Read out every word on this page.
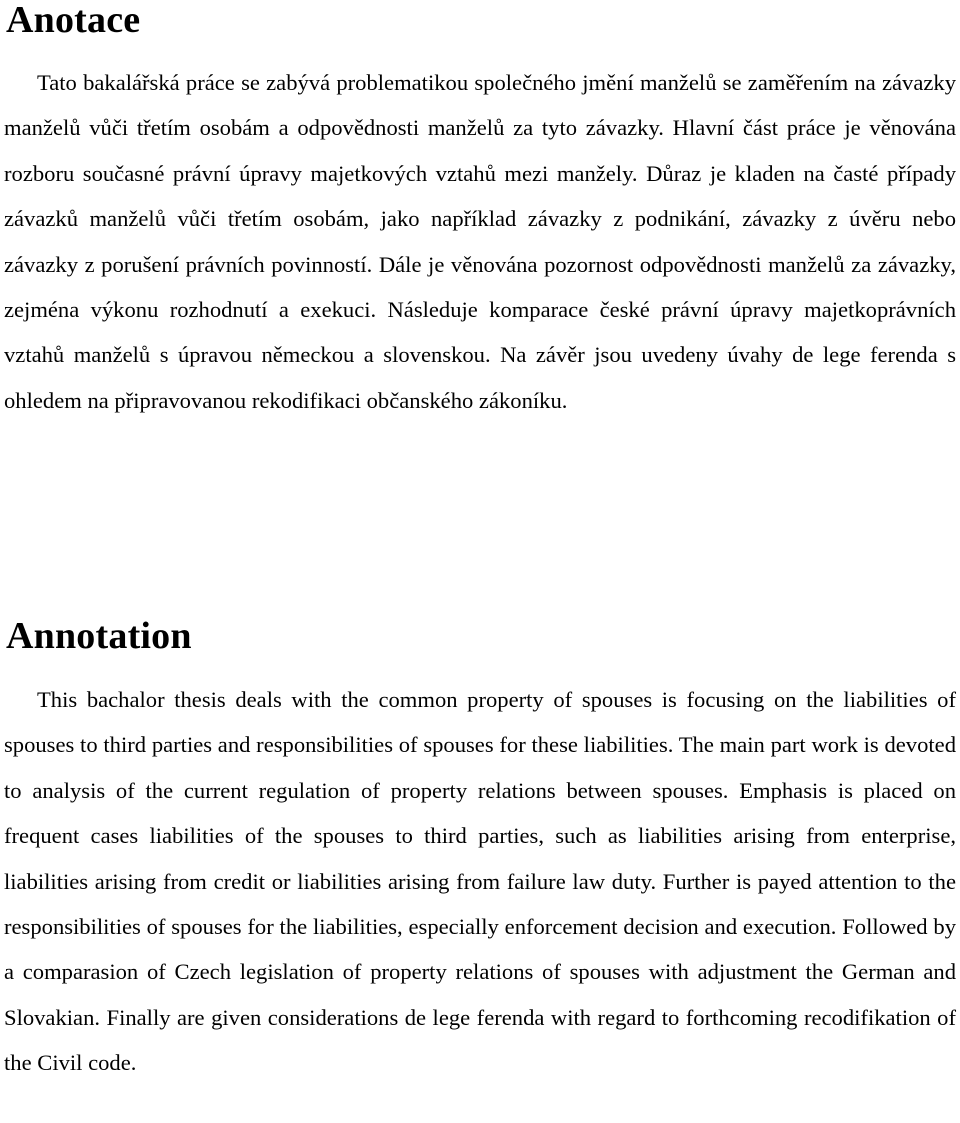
Anotace

Tato bakalářská práce se zabývá problematikou společného jmění manželů se zaměřením na závazky manželů vůči třetím osobám a odpovědnosti manželů za tyto závazky. Hlavní část práce je věnována rozboru současné právní úpravy majetkových vztahů mezi manžely. Důraz je kladen na časté případy závazků manželů vůči třetím osobám, jako například závazky z podnikání, závazky z úvěru nebo závazky z porušení právních povinností. Dále je věnována pozornost odpovědnosti manželů za závazky, zejména výkonu rozhodnutí a exekuci. Následuje komparace české právní úpravy majetkoprávních vztahů manželů s úpravou německou a slovenskou. Na závěr jsou uvedeny úvahy de lege ferenda s ohledem na připravovanou rekodifikaci občanského zákoníku.

Annotation

This bachalor thesis deals with the common property of spouses is focusing on the liabilities of spouses to third parties and responsibilities of spouses for these liabilities. The main part work is devoted to analysis of the current regulation of property relations between spouses. Emphasis is placed on frequent cases liabilities of the spouses to third parties, such as liabilities arising from enterprise, liabilities arising from credit or liabilities arising from failure law duty. Further is payed attention to the responsibilities of spouses for the liabilities, especially enforcement decision and execution. Followed by a comparasion of Czech legislation of property relations of spouses with adjustment the German and Slovakian. Finally are given considerations de lege ferenda with regard to forthcoming recodifikation of the Civil code.
